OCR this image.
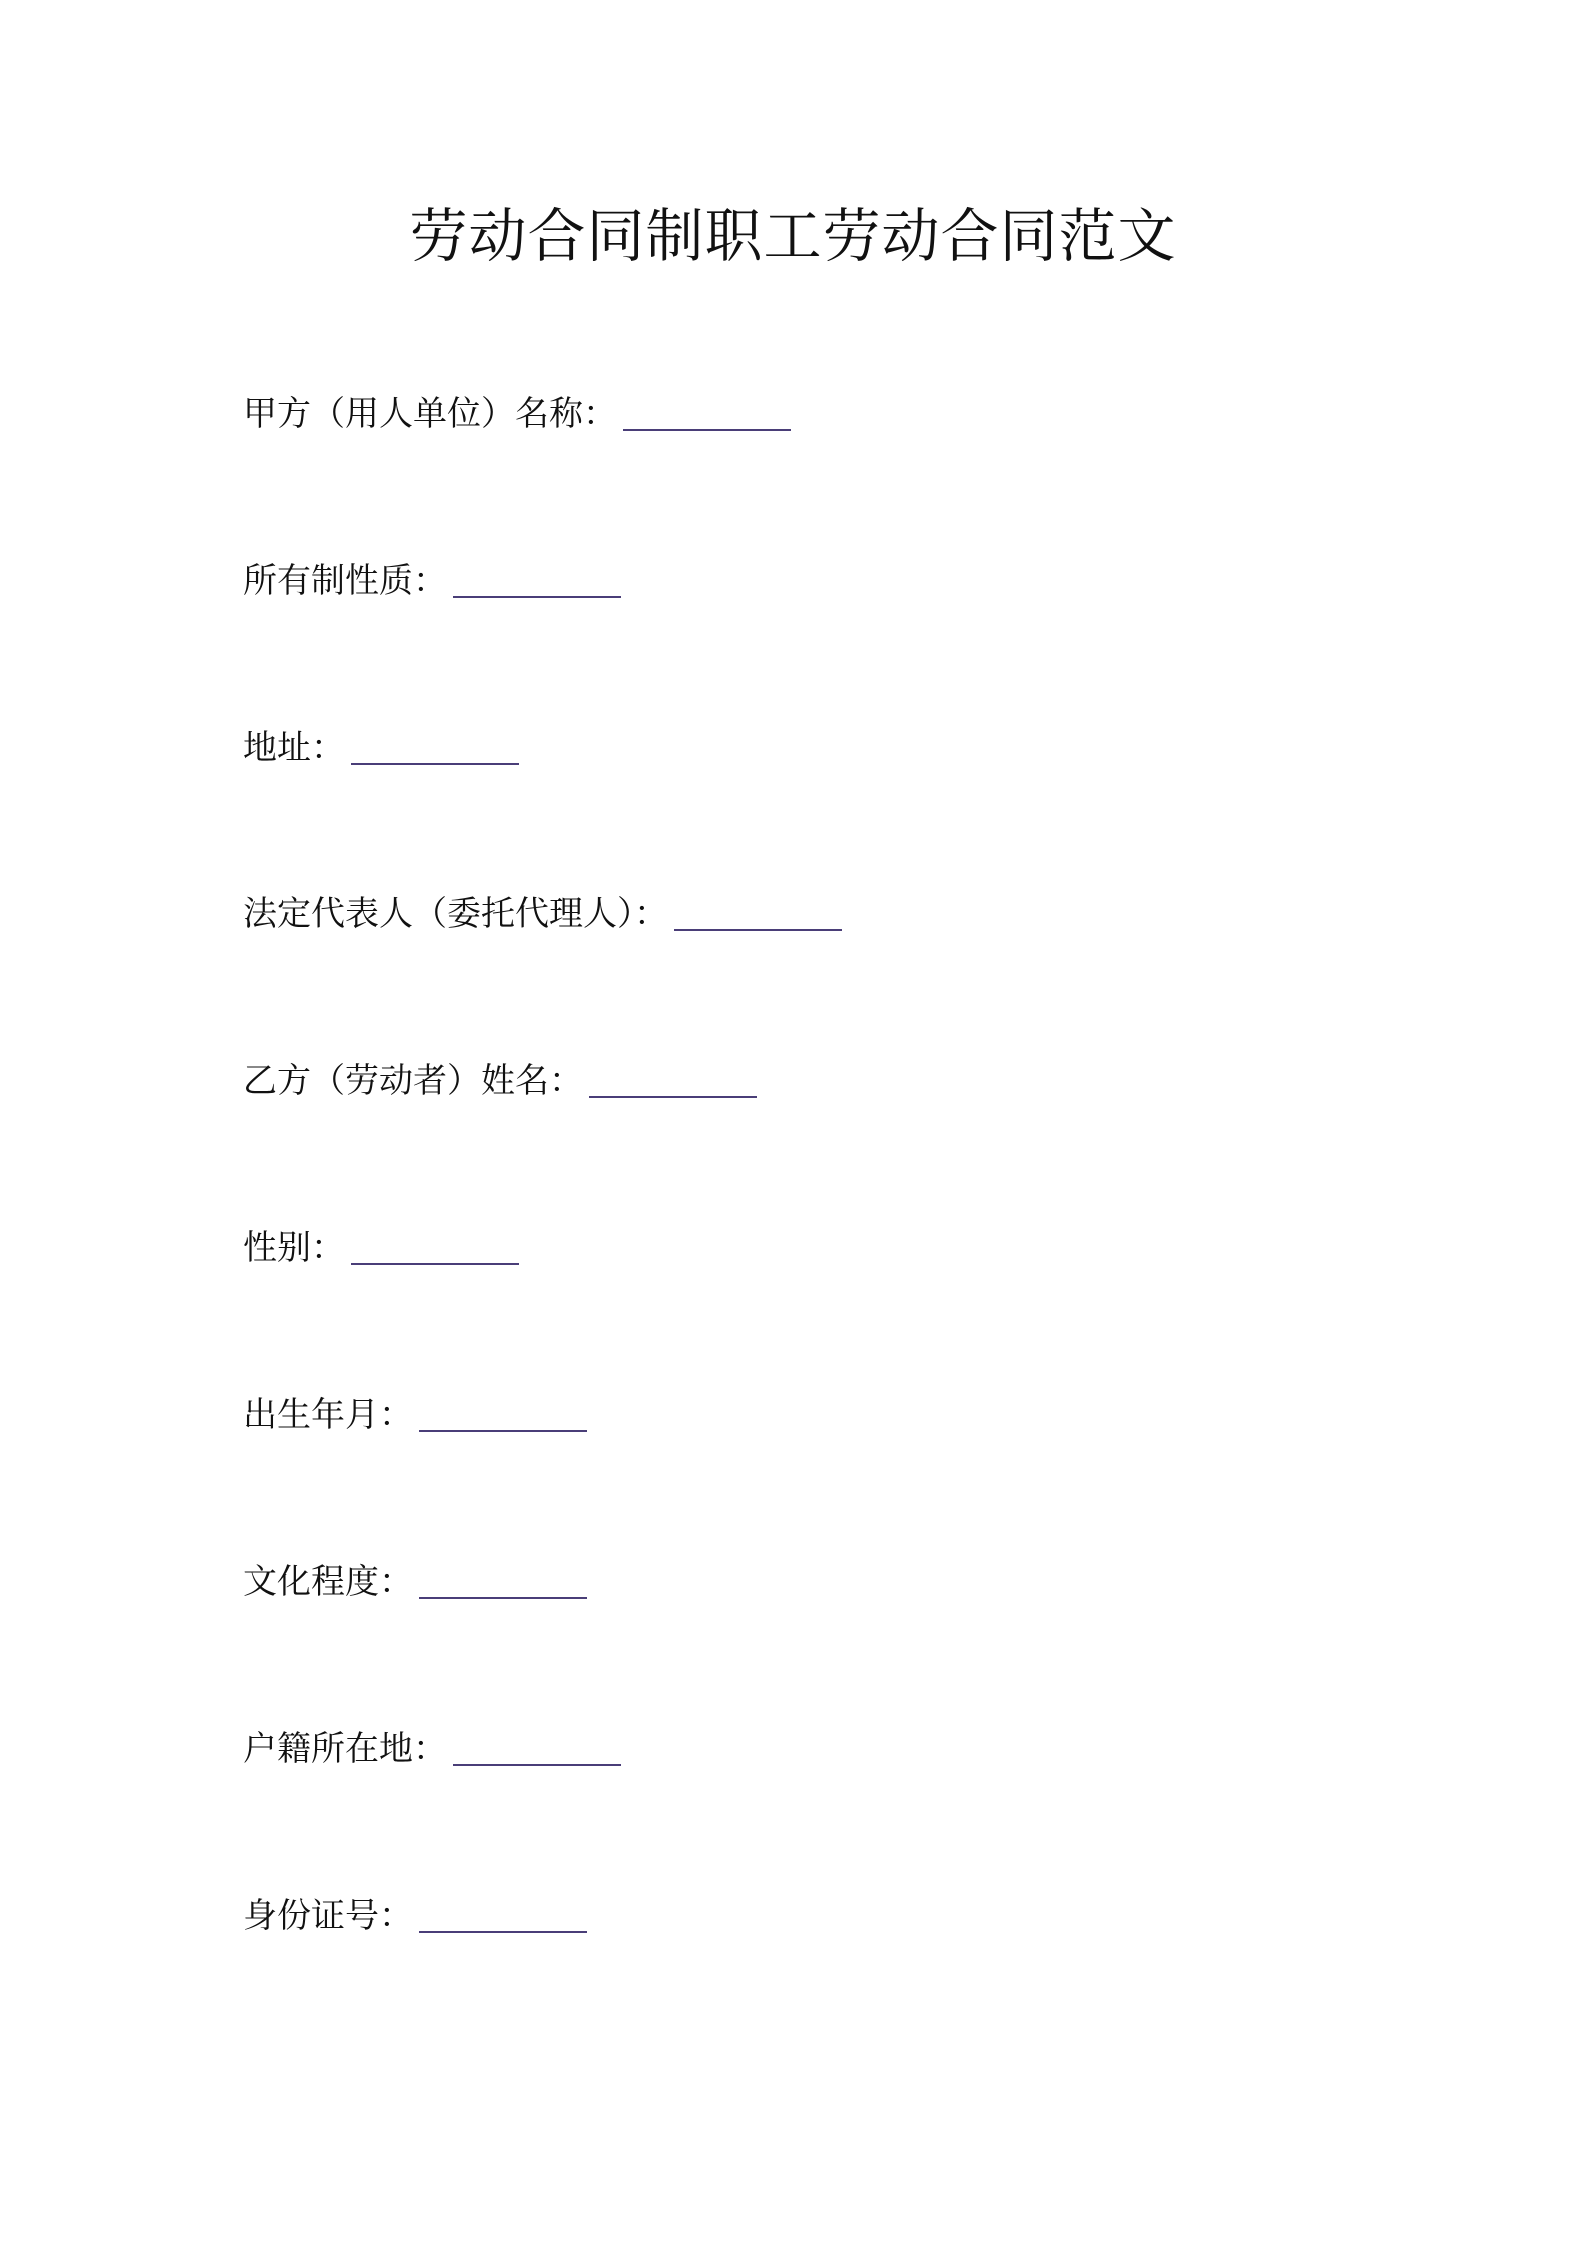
劳动合同制职工劳动合同范文
甲方（用人单位）名称：
所有制性质：
地址：
法定代表人（委托代理人）：
乙方（劳动者）姓名：
性别：
出生年月：
文化程度：
户籍所在地：
身份证号：
